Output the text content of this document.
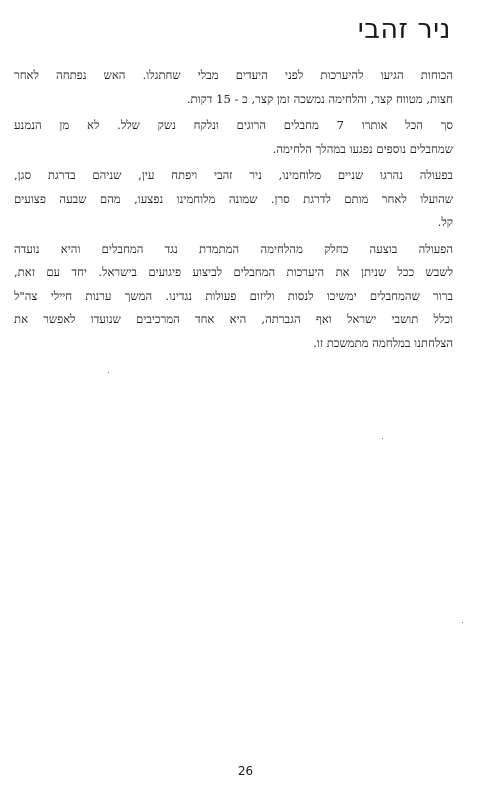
ניר זהבי

הכוחות הגיעו להיערכות לפני היעדים מבלי שחתגלו. האש נפתחה לאחר
חצות, מטווח קצר, והלחימה נמשכה זמן קצר, כ - 15 דקות.

סך הכל אותרו 7 מחבלים הרוגים ונלקח נשק שלל. לא מן הנמנע
שמחבלים נוספים נפגעו במהלך הלחימה.

בפעולה נהרגו שניים מלוחמינו, ניר זהבי ויפתח עין, שניהם בדרגת סגן,
שהועלו לאחר מותם לדרגת סרן. שמונה מלוחמינו נפצעו, מהם שבעה פצועים
קל.

הפעולה בוצעה כחלק מהלחימה המתמדת נגד המחבלים והיא נועדה
לשבש ככל שניתן את היערכות המחבלים לביצוע פיגועים בישראל. יחד עם זאת,
ברור שהמחבלים ימשיכו לנסות וליזום פעולות נגדינו. המשך ערנות חיילי צה"ל
וכלל תושבי ישראל ואף הגברתה, היא אחד המרכיבים שנועדו לאפשר את
הצלחתנו במלחמה מתמשכת זו.

26
